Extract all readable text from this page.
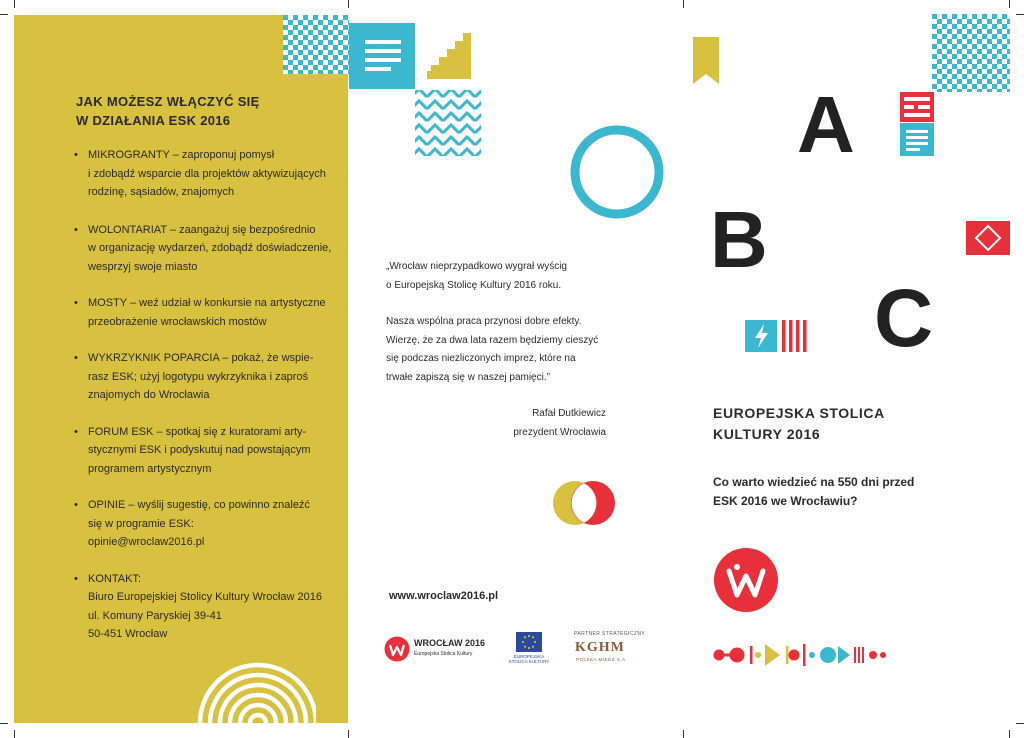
JAK MOŻESZ WŁĄCZYĆ SIĘ
W DZIAŁANIA ESK 2016
• MIKROGRANTY – zaproponuj pomysł
i zdobądź wsparcie dla projektów aktywizujących
rodzinę, sąsiadów, znajomych
• WOLONTARIAT – zaangażuj się bezpośrednio
w organizację wydarzeń, zdobądź doświadczenie,
wesprzyj swoje miasto
• MOSTY – weź udział w konkursie na artystyczne
przeobrażenie wrocławskich mostów
• WYKRZYKNIK POPARCIA – pokaż, że wspie-
rasz ESK; użyj logotypu wykrzyknika i zaproś
znajomych do Wrocławia
• FORUM ESK – spotkaj się z kuratorami arty-
stycznymi ESK i podyskutuj nad powstającym
programem artystycznym
• OPINIE – wyślij sugestię, co powinno znaleźć
się w programie ESK:
opinie@wroclaw2016.pl
• KONTAKT:
Biuro Europejskiej Stolicy Kultury Wrocław 2016
ul. Komuny Paryskiej 39-41
50-451 Wrocław

„Wrocław nieprzypadkowo wygrał wyścig

o Europejską Stolicę Kultury 2016 roku.

Nasza wspólna praca przynosi dobre efekty.

Wierzę, że za dwa lata razem będziemy cieszyć

się podczas niezliczonych imprez, które na

trwałe zapiszą się w naszej pamięci.”

Rafał Dutkiewicz
prezydent Wrocławia
www.wroclaw2016.pl
WROCŁAW 2016
Europejska Stolica Kultury	EUROPEJSKA
STOLICA KULTURY
PARTNER STRATEGICZNY
KGHM
POLSKA MIEDŹ S.A.
A
B
C
EUROPEJSKA STOLICA
KULTURY 2016
Co warto wiedzieć na 550 dni przed
ESK 2016 we Wrocławiu?
